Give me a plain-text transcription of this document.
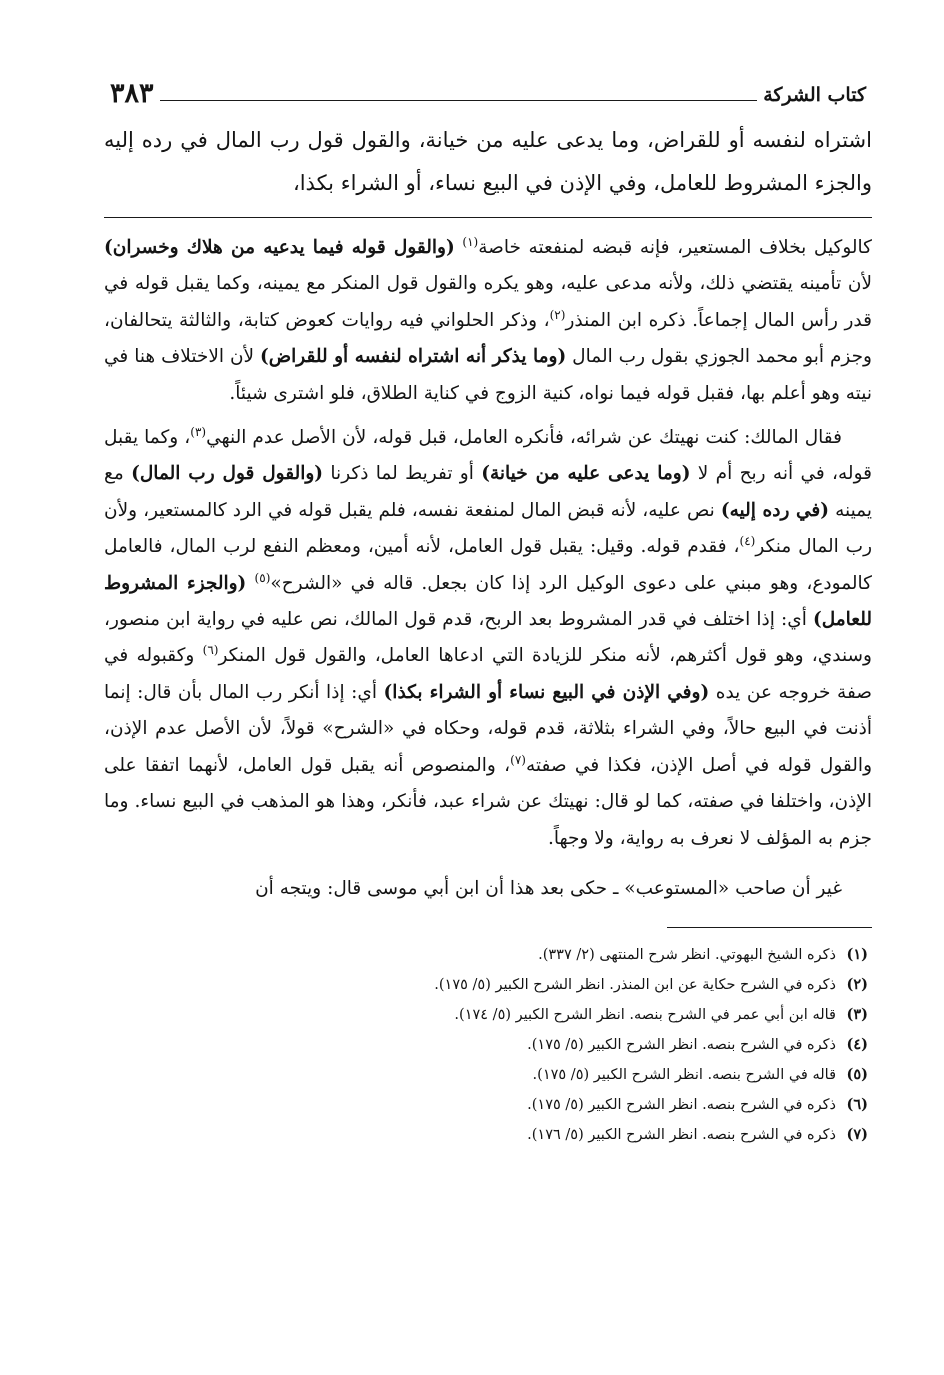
كتاب الشركة
٣٨٣
اشتراه لنفسه أو للقراض، وما يدعى عليه من خيانة، والقول قول رب المال في رده إليه والجزء المشروط للعامل، وفي الإذن في البيع نساء، أو الشراء بكذا،

كالوكيل بخلاف المستعير، فإنه قبضه لمنفعته خاصة$^{(١)}$ (والقول قوله فيما يدعيه من هلاك وخسران) لأن تأمينه يقتضي ذلك، ولأنه مدعى عليه، وهو يكره والقول قول المنكر مع يمينه، وكما يقبل قوله في قدر رأس المال إجماعاً. ذكره ابن المنذر$^{(٢)}$، وذكر الحلواني فيه روايات كعوض كتابة، والثالثة يتحالفان، وجزم أبو محمد الجوزي بقول رب المال (وما يذكر أنه اشتراه لنفسه أو للقراض) لأن الاختلاف هنا في نيته وهو أعلم بها، فقبل قوله فيما نواه، كنية الزوج في كناية الطلاق، فلو اشترى شيئاً.

فقال المالك: كنت نهيتك عن شرائه، فأنكره العامل، قبل قوله، لأن الأصل عدم النهي$^{(٣)}$، وكما يقبل قوله، في أنه ربح أم لا (وما يدعى عليه من خيانة) أو تفريط لما ذكرنا (والقول قول رب المال) مع يمينه (في رده إليه) نص عليه، لأنه قبض المال لمنفعة نفسه، فلم يقبل قوله في الرد كالمستعير، ولأن رب المال منكر$^{(٤)}$، فقدم قوله. وقيل: يقبل قول العامل، لأنه أمين، ومعظم النفع لرب المال، فالعامل كالمودع، وهو مبني على دعوى الوكيل الرد إذا كان بجعل. قاله في «الشرح»$^{(٥)}$ (والجزء المشروط للعامل) أي: إذا اختلف في قدر المشروط بعد الربح، قدم قول المالك، نص عليه في رواية ابن منصور، وسندي، وهو قول أكثرهم، لأنه منكر للزيادة التي ادعاها العامل، والقول قول المنكر$^{(٦)}$ وكقبوله في صفة خروجه عن يده (وفي الإذن في البيع نساء أو الشراء بكذا) أي: إذا أنكر رب المال بأن قال: إنما أذنت في البيع حالاً، وفي الشراء بثلاثة، قدم قوله، وحكاه في «الشرح» قولاً، لأن الأصل عدم الإذن، والقول قوله في أصل الإذن، فكذا في صفته$^{(٧)}$، والمنصوص أنه يقبل قول العامل، لأنهما اتفقا على الإذن، واختلفا في صفته، كما لو قال: نهيتك عن شراء عبد، فأنكر، وهذا هو المذهب في البيع نساء. وما جزم به المؤلف لا نعرف به رواية، ولا وجهاً.

غير أن صاحب «المستوعب» ـ حكى بعد هذا أن ابن أبي موسى قال: ويتجه أن

(١)ذكره الشيخ البهوتي. انظر شرح المنتهى (٢/ ٣٣٧).
(٢)ذكره في الشرح حكاية عن ابن المنذر. انظر الشرح الكبير (٥/ ١٧٥).
(٣)قاله ابن أبي عمر في الشرح بنصه. انظر الشرح الكبير (٥/ ١٧٤).
(٤)ذكره في الشرح بنصه. انظر الشرح الكبير (٥/ ١٧٥).
(٥)قاله في الشرح بنصه. انظر الشرح الكبير (٥/ ١٧٥).
(٦)ذكره في الشرح بنصه. انظر الشرح الكبير (٥/ ١٧٥).
(٧)ذكره في الشرح بنصه. انظر الشرح الكبير (٥/ ١٧٦).
